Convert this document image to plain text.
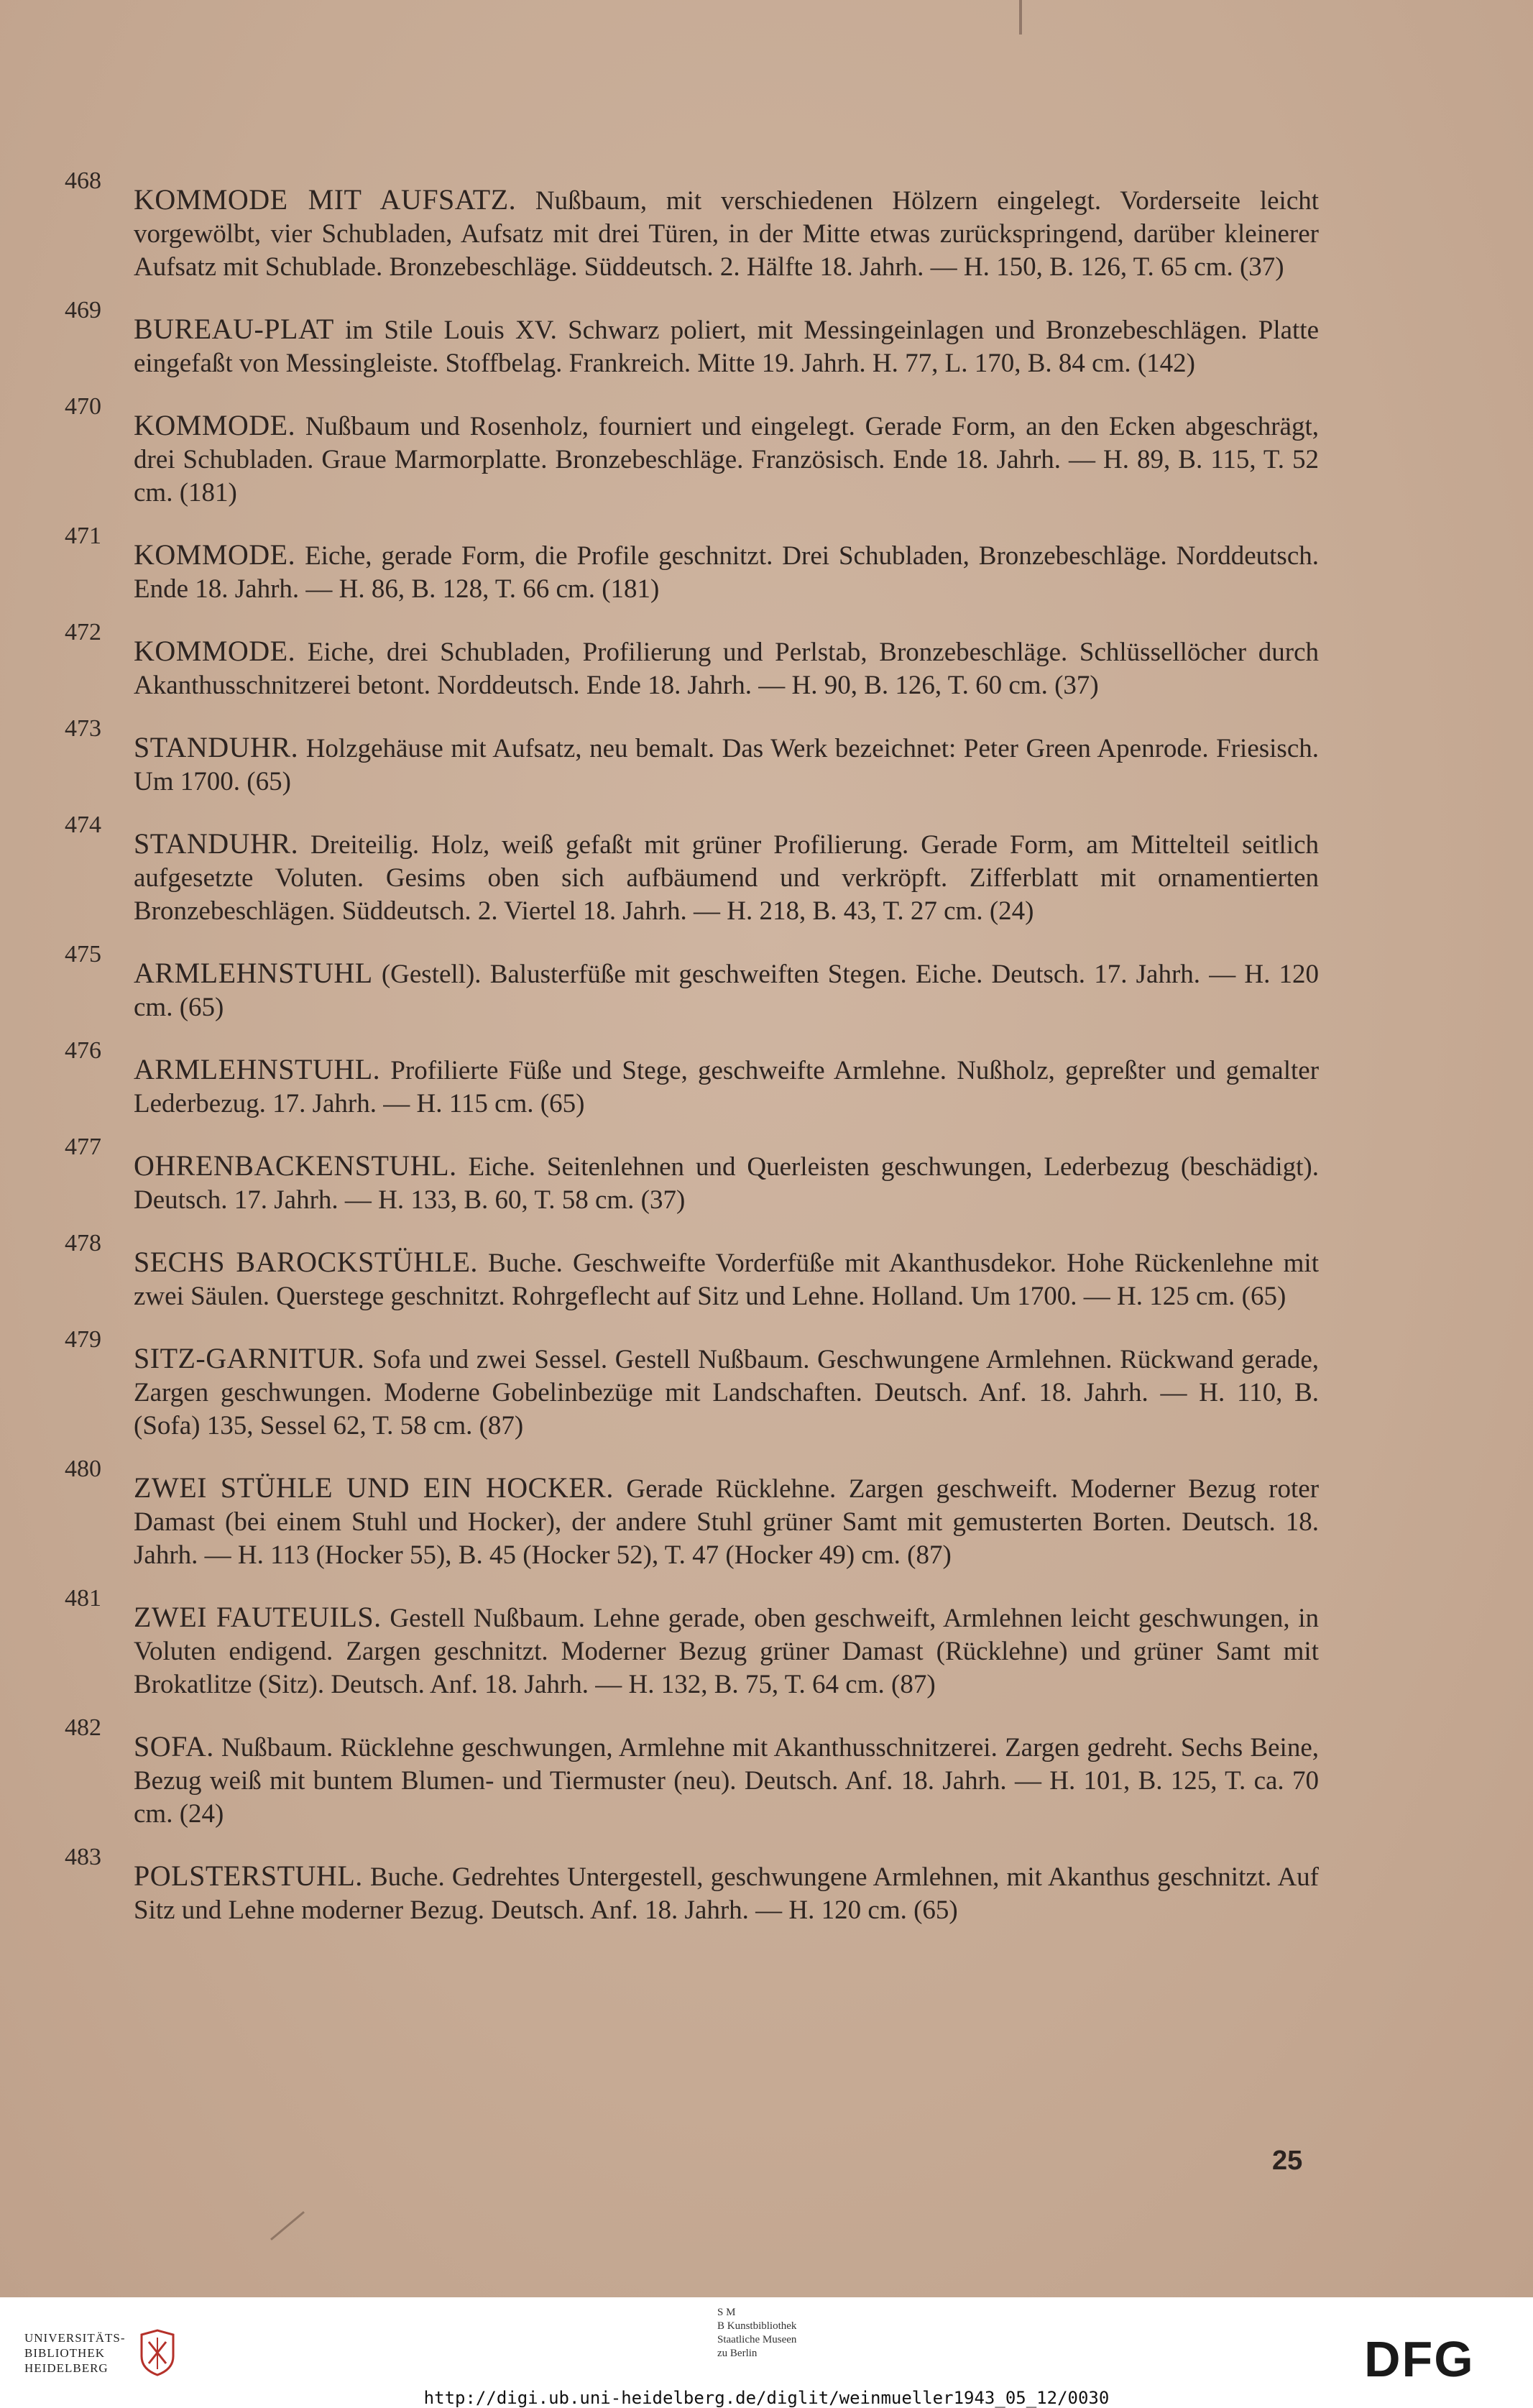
468
KOMMODE MIT AUFSATZ. Nußbaum, mit verschiedenen Hölzern eingelegt. Vorderseite leicht vorgewölbt, vier Schubladen, Aufsatz mit drei Türen, in der Mitte etwas zurückspringend, darüber kleinerer Aufsatz mit Schublade. Bronzebeschläge. Süddeutsch. 2. Hälfte 18. Jahrh. — H. 150, B. 126, T. 65 cm. (37)
469
BUREAU-PLAT im Stile Louis XV. Schwarz poliert, mit Messingeinlagen und Bronzebeschlägen. Platte eingefaßt von Messingleiste. Stoffbelag. Frankreich. Mitte 19. Jahrh. H. 77, L. 170, B. 84 cm. (142)
470
KOMMODE. Nußbaum und Rosenholz, fourniert und eingelegt. Gerade Form, an den Ecken abgeschrägt, drei Schubladen. Graue Marmorplatte. Bronzebeschläge. Französisch. Ende 18. Jahrh. — H. 89, B. 115, T. 52 cm. (181)
471
KOMMODE. Eiche, gerade Form, die Profile geschnitzt. Drei Schubladen, Bronzebeschläge. Norddeutsch. Ende 18. Jahrh. — H. 86, B. 128, T. 66 cm. (181)
472
KOMMODE. Eiche, drei Schubladen, Profilierung und Perlstab, Bronzebeschläge. Schlüssellöcher durch Akanthusschnitzerei betont. Norddeutsch. Ende 18. Jahrh. — H. 90, B. 126, T. 60 cm. (37)
473
STANDUHR. Holzgehäuse mit Aufsatz, neu bemalt. Das Werk bezeichnet: Peter Green Apenrode. Friesisch. Um 1700. (65)
474
STANDUHR. Dreiteilig. Holz, weiß gefaßt mit grüner Profilierung. Gerade Form, am Mittelteil seitlich aufgesetzte Voluten. Gesims oben sich aufbäumend und verkröpft. Zifferblatt mit ornamentierten Bronzebeschlägen. Süddeutsch. 2. Viertel 18. Jahrh. — H. 218, B. 43, T. 27 cm. (24)
475
ARMLEHNSTUHL (Gestell). Balusterfüße mit geschweiften Stegen. Eiche. Deutsch. 17. Jahrh. — H. 120 cm. (65)
476
ARMLEHNSTUHL. Profilierte Füße und Stege, geschweifte Armlehne. Nußholz, gepreßter und gemalter Lederbezug. 17. Jahrh. — H. 115 cm. (65)
477
OHRENBACKENSTUHL. Eiche. Seitenlehnen und Querleisten geschwungen, Lederbezug (beschädigt). Deutsch. 17. Jahrh. — H. 133, B. 60, T. 58 cm. (37)
478
SECHS BAROCKSTÜHLE. Buche. Geschweifte Vorderfüße mit Akanthusdekor. Hohe Rückenlehne mit zwei Säulen. Querstege geschnitzt. Rohrgeflecht auf Sitz und Lehne. Holland. Um 1700. — H. 125 cm. (65)
479
SITZ-GARNITUR. Sofa und zwei Sessel. Gestell Nußbaum. Geschwungene Armlehnen. Rückwand gerade, Zargen geschwungen. Moderne Gobelinbezüge mit Landschaften. Deutsch. Anf. 18. Jahrh. — H. 110, B. (Sofa) 135, Sessel 62, T. 58 cm. (87)
480
ZWEI STÜHLE UND EIN HOCKER. Gerade Rücklehne. Zargen geschweift. Moderner Bezug roter Damast (bei einem Stuhl und Hocker), der andere Stuhl grüner Samt mit gemusterten Borten. Deutsch. 18. Jahrh. — H. 113 (Hocker 55), B. 45 (Hocker 52), T. 47 (Hocker 49) cm. (87)
481
ZWEI FAUTEUILS. Gestell Nußbaum. Lehne gerade, oben geschweift, Armlehnen leicht geschwungen, in Voluten endigend. Zargen geschnitzt. Moderner Bezug grüner Damast (Rücklehne) und grüner Samt mit Brokatlitze (Sitz). Deutsch. Anf. 18. Jahrh. — H. 132, B. 75, T. 64 cm. (87)
482
SOFA. Nußbaum. Rücklehne geschwungen, Armlehne mit Akanthusschnitzerei. Zargen gedreht. Sechs Beine, Bezug weiß mit buntem Blumen- und Tiermuster (neu). Deutsch. Anf. 18. Jahrh. — H. 101, B. 125, T. ca. 70 cm. (24)
483
POLSTERSTUHL. Buche. Gedrehtes Untergestell, geschwungene Armlehnen, mit Akanthus geschnitzt. Auf Sitz und Lehne moderner Bezug. Deutsch. Anf. 18. Jahrh. — H. 120 cm. (65)
25
UNIVERSITÄTS-
BIBLIOTHEK
HEIDELBERG
S M
B Kunstbibliothek
Staatliche Museen
zu Berlin	DFG
http://digi.ub.uni-heidelberg.de/diglit/weinmueller1943_05_12/0030
